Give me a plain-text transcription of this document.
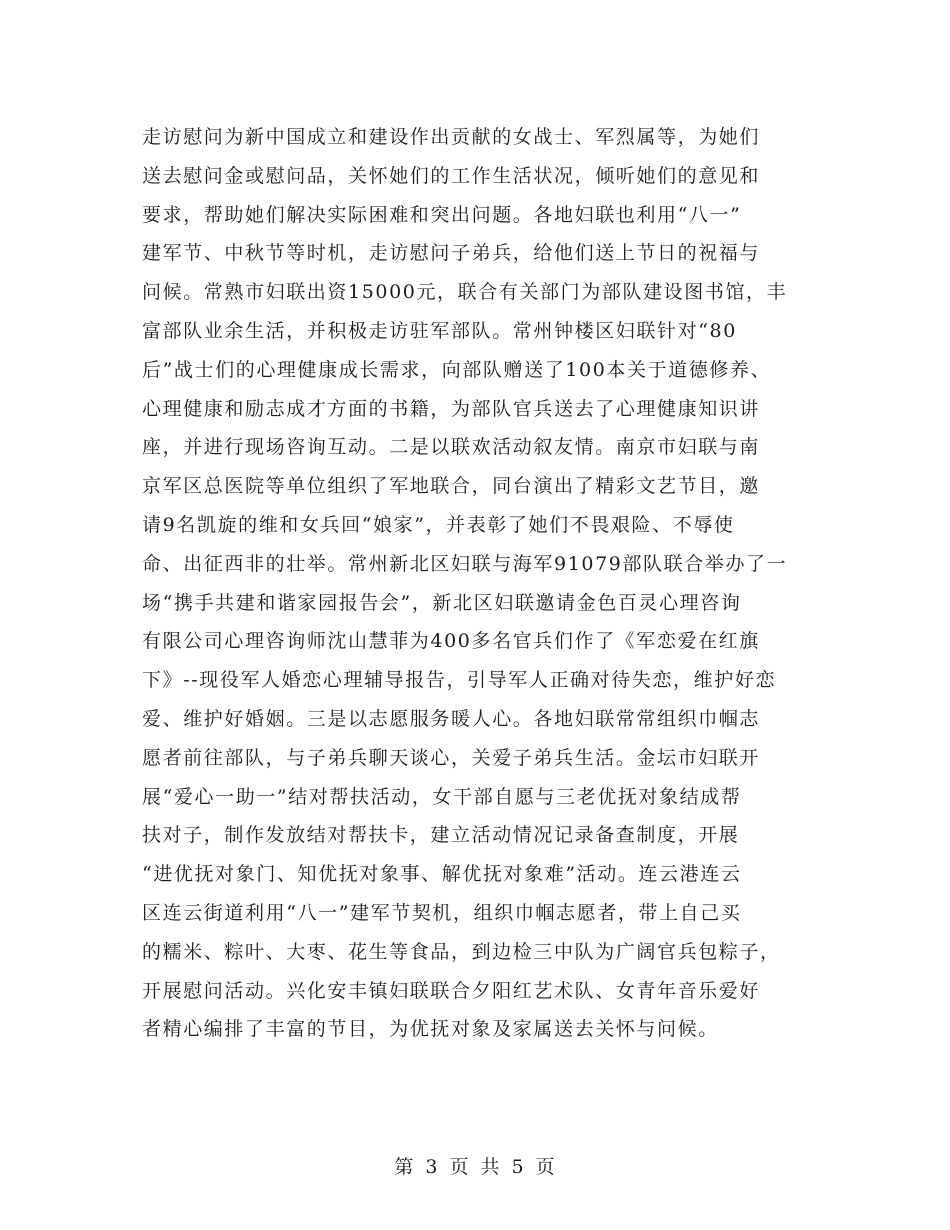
走访慰问为新中国成立和建设作出贡献的女战士、军烈属等，为她们
送去慰问金或慰问品，关怀她们的工作生活状况，倾听她们的意见和
要求，帮助她们解决实际困难和突出问题。各地妇联也利用“八一”
建军节、中秋节等时机，走访慰问子弟兵，给他们送上节日的祝福与
问候。常熟市妇联出资15000元，联合有关部门为部队建设图书馆，丰
富部队业余生活，并积极走访驻军部队。常州钟楼区妇联针对“80
后”战士们的心理健康成长需求，向部队赠送了100本关于道德修养、
心理健康和励志成才方面的书籍，为部队官兵送去了心理健康知识讲
座，并进行现场咨询互动。二是以联欢活动叙友情。南京市妇联与南
京军区总医院等单位组织了军地联合，同台演出了精彩文艺节目，邀
请9名凯旋的维和女兵回“娘家”，并表彰了她们不畏艰险、不辱使
命、出征西非的壮举。常州新北区妇联与海军91079部队联合举办了一
场“携手共建和谐家园报告会”，新北区妇联邀请金色百灵心理咨询
有限公司心理咨询师沈山慧菲为400多名官兵们作了《军恋爱在红旗
下》--现役军人婚恋心理辅导报告，引导军人正确对待失恋，维护好恋
爱、维护好婚姻。三是以志愿服务暖人心。各地妇联常常组织巾帼志
愿者前往部队，与子弟兵聊天谈心，关爱子弟兵生活。金坛市妇联开
展“爱心一助一”结对帮扶活动，女干部自愿与三老优抚对象结成帮
扶对子，制作发放结对帮扶卡，建立活动情况记录备查制度，开展
“进优抚对象门、知优抚对象事、解优抚对象难”活动。连云港连云
区连云街道利用“八一”建军节契机，组织巾帼志愿者，带上自己买
的糯米、粽叶、大枣、花生等食品，到边检三中队为广阔官兵包粽子，
开展慰问活动。兴化安丰镇妇联联合夕阳红艺术队、女青年音乐爱好
者精心编排了丰富的节目，为优抚对象及家属送去关怀与问候。
第 3 页 共 5 页
